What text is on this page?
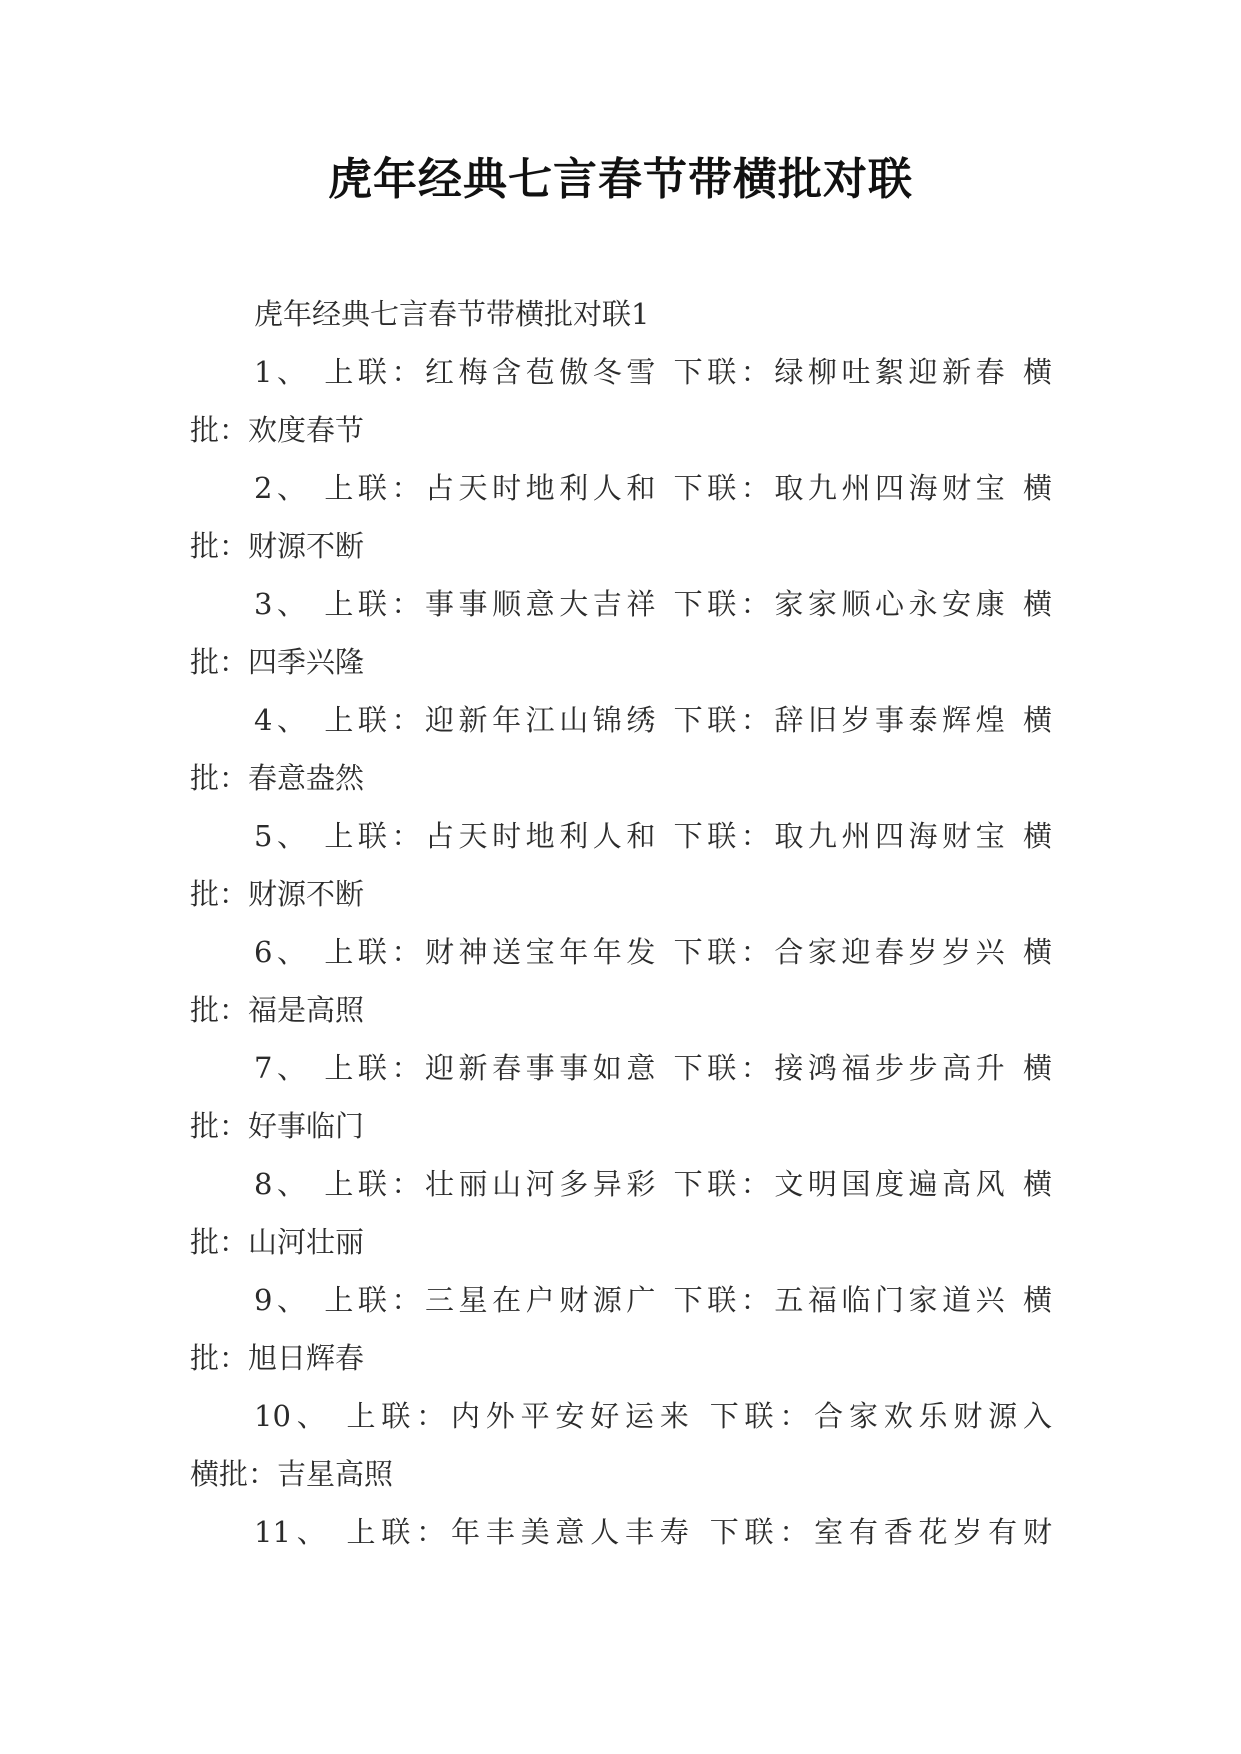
虎年经典七言春节带横批对联
虎年经典七言春节带横批对联1
1、 上联：红梅含苞傲冬雪 下联：绿柳吐絮迎新春 横
批：欢度春节
2、 上联：占天时地利人和 下联：取九州四海财宝 横
批：财源不断
3、 上联：事事顺意大吉祥 下联：家家顺心永安康 横
批：四季兴隆
4、 上联：迎新年江山锦绣 下联：辞旧岁事泰辉煌 横
批：春意盎然
5、 上联：占天时地利人和 下联：取九州四海财宝 横
批：财源不断
6、 上联：财神送宝年年发 下联：合家迎春岁岁兴 横
批：福是高照
7、 上联：迎新春事事如意 下联：接鸿福步步高升 横
批：好事临门
8、 上联：壮丽山河多异彩 下联：文明国度遍高风 横
批：山河壮丽
9、 上联：三星在户财源广 下联：五福临门家道兴 横
批：旭日辉春
10、 上联：内外平安好运来 下联：合家欢乐财源入
横批：吉星高照
11、 上联：年丰美意人丰寿 下联：室有香花岁有财
